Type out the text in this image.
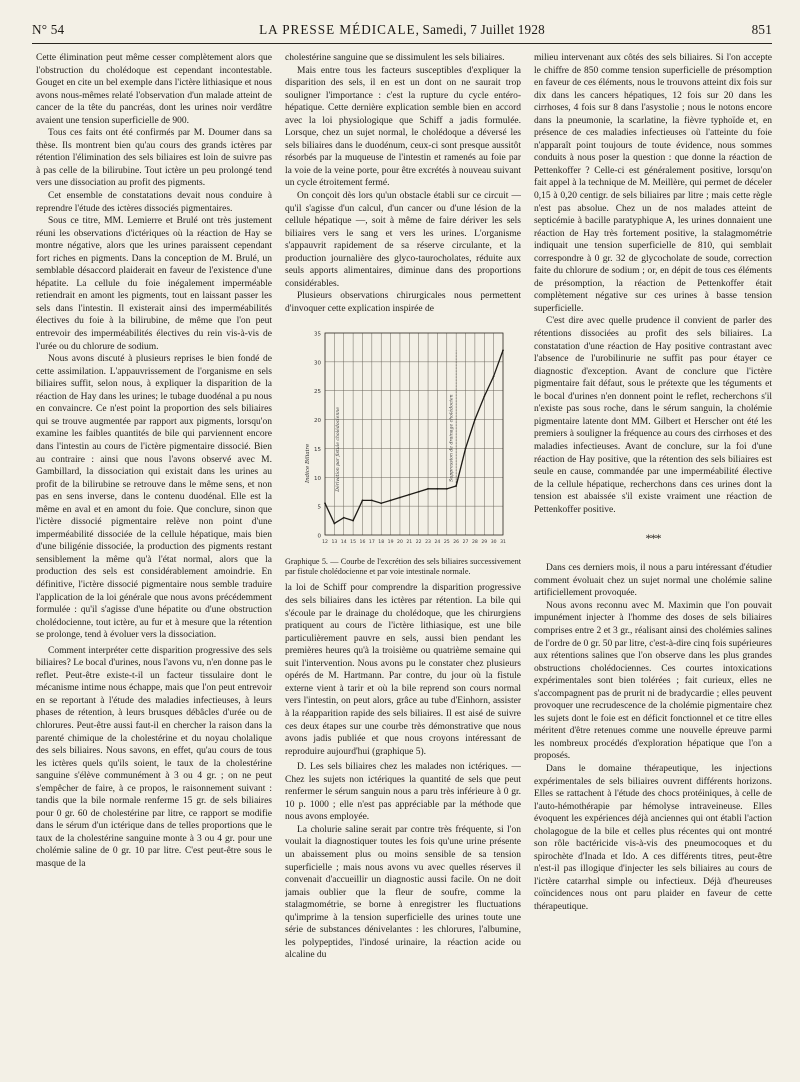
N° 54	LA PRESSE MÉDICALE, Samedi, 7 Juillet 1928	851

Cette élimination peut même cesser complètement alors que l'obstruction du cholédoque est cependant incontestable. Gouget en cite un bel exemple dans l'ictère lithiasique et nous avons nous-mêmes relaté l'observation d'un malade atteint de cancer de la tête du pancréas, dont les urines noir verdâtre avaient une tension superficielle de 900.

Tous ces faits ont été confirmés par M. Doumer dans sa thèse. Ils montrent bien qu'au cours des grands ictères par rétention l'élimination des sels biliaires est loin de suivre pas à pas celle de la bilirubine. Tout ictère un peu prolongé tend vers une dissociation au profit des pigments.

Cet ensemble de constatations devait nous conduire à reprendre l'étude des ictères dissociés pigmentaires.

Sous ce titre, MM. Lemierre et Brulé ont très justement réuni les observations d'ictériques où la réaction de Hay se montre négative, alors que les urines paraissent cependant fort riches en pigments. Dans la conception de M. Brulé, un semblable désaccord plaiderait en faveur de l'existence d'une hépatite. La cellule du foie inégalement imperméable retiendrait en amont les pigments, tout en laissant passer les sels dans l'intestin. Il existerait ainsi des imperméabilités électives du foie à la bilirubine, de même que l'on peut entrevoir des imperméabilités électives du rein vis-à-vis de l'urée ou du chlorure de sodium.

Nous avons discuté à plusieurs reprises le bien fondé de cette assimilation. L'appauvrissement de l'organisme en sels biliaires suffit, selon nous, à expliquer la disparition de la réaction de Hay dans les urines; le tubage duodénal a pu nous en convaincre. Ce n'est point la proportion des sels biliaires qui se trouve augmentée par rapport aux pigments, lorsqu'on examine les faibles quantités de bile qui parviennent encore dans l'intestin au cours de l'ictère pigmentaire dissocié. Bien au contraire : ainsi que nous l'avons observé avec M. Gambillard, la dissociation qui existait dans les urines au profit de la bilirubine se retrouve dans le même sens, et non pas en sens inverse, dans le contenu duodénal. Elle est la même en aval et en amont du foie. Que conclure, sinon que l'ictère dissocié pigmentaire relève non point d'une imperméabilité dissociée de la cellule hépatique, mais bien d'une biligénie dissociée, la production des pigments restant sensiblement la même qu'à l'état normal, alors que la production des sels est considérablement amoindrie. En définitive, l'ictère dissocié pigmentaire nous semble traduire l'application de la loi générale que nous avons précédemment formulée : qu'il s'agisse d'une hépatite ou d'une obstruction cholédocienne, tout ictère, au fur et à mesure que la rétention se prolonge, tend à évoluer vers la dissociation.

Comment interpréter cette disparition progressive des sels biliaires? Le bocal d'urines, nous l'avons vu, n'en donne pas le reflet. Peut-être existe-t-il un facteur tissulaire dont le mécanisme intime nous échappe, mais que l'on peut entrevoir en se reportant à l'étude des maladies infectieuses, à leurs phases de rétention, à leurs brusques débâcles d'urée ou de chlorures. Peut-être aussi faut-il en chercher la raison dans la parenté chimique de la cholestérine et du noyau cholalique des sels biliaires. Nous savons, en effet, qu'au cours de tous les ictères quels qu'ils soient, le taux de la cholestérine sanguine s'élève communément à 3 ou 4 gr. ; on ne peut s'empêcher de faire, à ce propos, le raisonnement suivant : tandis que la bile normale renferme 15 gr. de sels biliaires pour 0 gr. 60 de cholestérine par litre, ce rapport se modifie dans le sérum d'un ictérique dans de telles proportions que le taux de la cholestérine sanguine monte à 3 ou 4 gr. pour une cholémie saline de 0 gr. 10 par litre. C'est peut-être sous le masque de la

cholestérine sanguine que se dissimulent les sels biliaires.

Mais entre tous les facteurs susceptibles d'expliquer la disparition des sels, il en est un dont on ne saurait trop souligner l'importance : c'est la rupture du cycle entéro-hépatique. Cette dernière explication semble bien en accord avec la loi physiologique que Schiff a jadis formulée. Lorsque, chez un sujet normal, le cholédoque a déversé les sels biliaires dans le duodénum, ceux-ci sont presque aussitôt résorbés par la muqueuse de l'intestin et ramenés au foie par la voie de la veine porte, pour être excrétés à nouveau suivant un cycle étroitement fermé.

On conçoit dès lors qu'un obstacle établi sur ce circuit — qu'il s'agisse d'un calcul, d'un cancer ou d'une lésion de la cellule hépatique —, soit à même de faire dériver les sels biliaires vers le sang et vers les urines. L'organisme s'appauvrit rapidement de sa réserve circulante, et la production journalière des glyco-taurocholates, réduite aux seuls apports alimentaires, diminue dans des proportions considérables.

Plusieurs observations chirurgicales nous permettent d'invoquer cette explication inspirée de

0
5
10
15
20
25
30
35
12 13 14 15 16 17 18 19 20 21 22 23 24 25 26 27 28 29 30 31
Indice Biliaire	Dérivation par fistule cholédocienne	Suppression de drainage cholédocien
Graphique 5. — Courbe de l'excrétion des sels biliaires successivement par fistule cholédocienne et par voie intestinale normale.

la loi de Schiff pour comprendre la disparition progressive des sels biliaires dans les ictères par rétention. La bile qui s'écoule par le drainage du cholédoque, que les chirurgiens pratiquent au cours de l'ictère lithiasique, est une bile particulièrement pauvre en sels, aussi bien pendant les premières heures qu'à la troisième ou quatrième semaine qui suit l'intervention. Nous avons pu le constater chez plusieurs opérés de M. Hartmann. Par contre, du jour où la fistule externe vient à tarir et où la bile reprend son cours normal vers l'intestin, on peut alors, grâce au tube d'Einhorn, assister à la réapparition rapide des sels biliaires. Il est aisé de suivre ces deux étapes sur une courbe très démonstrative que nous avons jadis publiée et que nous croyons intéressant de reproduire aujourd'hui (graphique 5).

D. Les sels biliaires chez les malades non ictériques. — Chez les sujets non ictériques la quantité de sels que peut renfermer le sérum sanguin nous a paru très inférieure à 0 gr. 10 p. 1000 ; elle n'est pas appréciable par la méthode que nous avons employée.

La cholurie saline serait par contre très fréquente, si l'on voulait la diagnostiquer toutes les fois qu'une urine présente un abaissement plus ou moins sensible de sa tension superficielle ; mais nous avons vu avec quelles réserves il convenait d'accueillir un diagnostic aussi facile. On ne doit jamais oublier que la fleur de soufre, comme la stalagmométrie, se borne à enregistrer les fluctuations qu'imprime à la tension superficielle des urines toute une série de substances dénivelantes : les chlorures, l'albumine, les polypeptides, l'indosé urinaire, la réaction acide ou alcaline du

milieu intervenant aux côtés des sels biliaires. Si l'on accepte le chiffre de 850 comme tension superficielle de présomption en faveur de ces éléments, nous le trouvons atteint dix fois sur dix dans les cancers hépatiques, 12 fois sur 20 dans les cirrhoses, 4 fois sur 8 dans l'asystolie ; nous le notons encore dans la pneumonie, la scarlatine, la fièvre typhoïde et, en présence de ces maladies infectieuses où l'atteinte du foie n'apparaît point toujours de toute évidence, nous sommes conduits à nous poser la question : que donne la réaction de Pettenkoffer ? Celle-ci est généralement positive, lorsqu'on fait appel à la technique de M. Meillère, qui permet de déceler 0,15 à 0,20 centigr. de sels biliaires par litre ; mais cette règle n'est pas absolue. Chez un de nos malades atteint de septicémie à bacille paratyphique A, les urines donnaient une réaction de Hay très fortement positive, la stalagmométrie indiquait une tension superficielle de 810, qui semblait correspondre à 0 gr. 32 de glycocholate de soude, correction faite du chlorure de sodium ; or, en dépit de tous ces éléments de présomption, la réaction de Pettenkoffer était complètement négative sur ces urines à basse tension superficielle.

C'est dire avec quelle prudence il convient de parler des rétentions dissociées au profit des sels biliaires. La constatation d'une réaction de Hay positive contrastant avec l'absence de l'urobilinurie ne suffit pas pour étayer ce diagnostic d'exception. Avant de conclure que l'ictère pigmentaire fait défaut, sous le prétexte que les téguments et le bocal d'urines n'en donnent point le reflet, recherchons s'il n'existe pas sous roche, dans le sérum sanguin, la cholémie pigmentaire latente dont MM. Gilbert et Herscher ont été les premiers à souligner la fréquence au cours des cirrhoses et des maladies infectieuses. Avant de conclure, sur la foi d'une réaction de Hay positive, que la rétention des sels biliaires est seule en cause, commandée par une imperméabilité élective de la cellule hépatique, recherchons dans ces urines dont la tension est abaissée s'il existe vraiment une réaction de Pettenkoffer positive.

***

Dans ces derniers mois, il nous a paru intéressant d'étudier comment évoluait chez un sujet normal une cholémie saline artificiellement provoquée.

Nous avons reconnu avec M. Maximin que l'on pouvait impunément injecter à l'homme des doses de sels biliaires comprises entre 2 et 3 gr., réalisant ainsi des cholémies salines de l'ordre de 0 gr. 50 par litre, c'est-à-dire cinq fois supérieures aux rétentions salines que l'on observe dans les plus grandes obstructions cholédociennes. Ces courtes intoxications expérimentales sont bien tolérées ; fait curieux, elles ne s'accompagnent pas de prurit ni de bradycardie ; elles peuvent provoquer une recrudescence de la cholémie pigmentaire chez les sujets dont le foie est en déficit fonctionnel et ce titre elles méritent d'être retenues comme une nouvelle épreuve parmi les nombreux procédés d'exploration hépatique que l'on a proposés.

Dans le domaine thérapeutique, les injections expérimentales de sels biliaires ouvrent différents horizons. Elles se rattachent à l'étude des chocs protéiniques, à celle de l'auto-hémothérapie par hémolyse intraveineuse. Elles évoquent les expériences déjà anciennes qui ont établi l'action cholagogue de la bile et celles plus récentes qui ont montré son rôle bactéricide vis-à-vis des pneumocoques et du spirochète d'Inada et Ido. A ces différents titres, peut-être n'est-il pas illogique d'injecter les sels biliaires au cours de l'ictère catarrhal simple ou infectieux. Déjà d'heureuses coïncidences nous ont paru plaider en faveur de cette thérapeutique.
